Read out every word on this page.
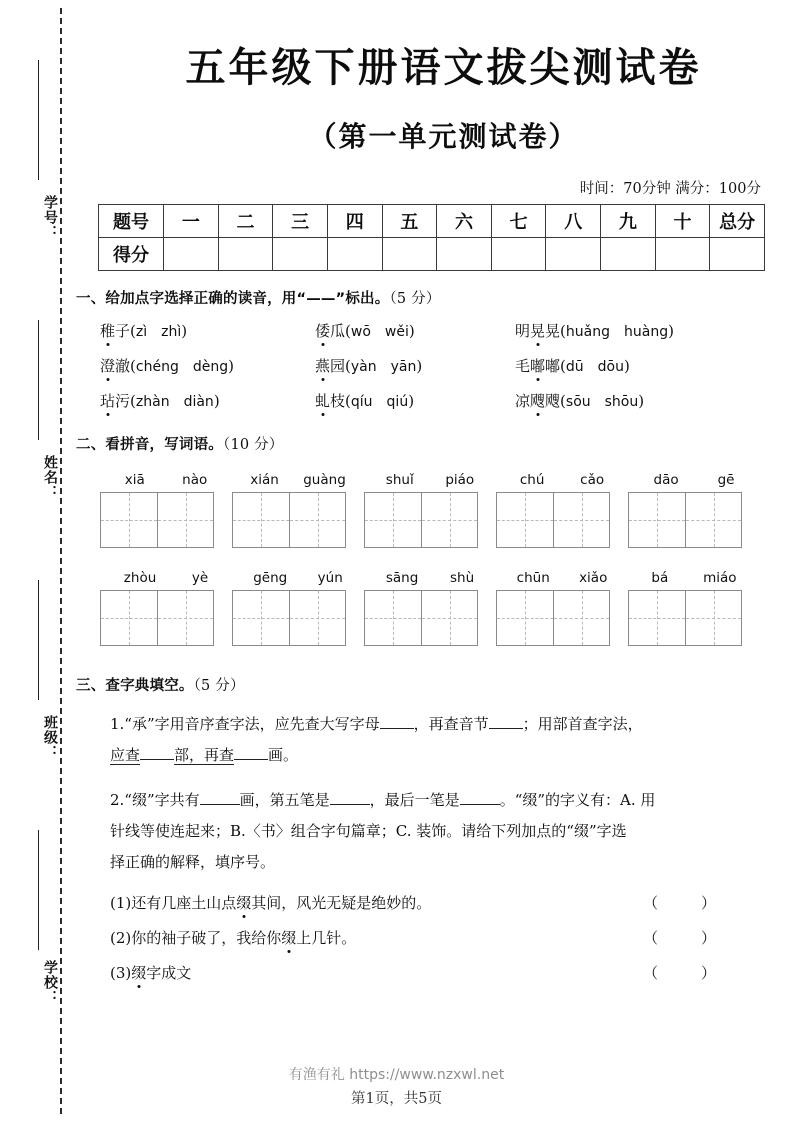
学号：
姓名：
班级：
学校：
五年级下册语文拔尖测试卷
（第一单元测试卷）
时间：70分钟 满分：100分
题号	一	二	三	四	五	六	七	八	九	十	总分
得分											
一、给加点字选择正确的读音，用“——”标出。（5 分）
稚子(zì zhì)	倭瓜(wō wěi)	明晃晃(huǎng huàng)
澄澈(chéng dèng)	燕园(yàn yān)	毛嘟嘟(dū dōu)
玷污(zhàn diàn)	虬枝(qíu qiú)	凉飕飕(sōu shōu)
二、看拼音，写词语。（10 分）
xiā	nào	xián guàng	shuǐ piáo	chú	cǎo	dāo	gē
zhòu	yè	gēng yún	sāng shù	chūn xiǎo	bá	miáo
三、查字典填空。（5 分）
1.“承”字用音序查字法，应先查大写字母 ，再查音节 ；用部首查字法，
应查 部，再查 画。
2.“缀”字共有	画，第五笔是	，最后一笔是	。“缀”的字义有：A. 用
针线等使连起来；B.〈书〉组合字句篇章；C. 装饰。请给下列加点的“缀”字选
择正确的解释，填序号。
(1)还有几座土山点缀其间，风光无疑是绝妙的。	（　）
(2)你的袖子破了，我给你缀上几针。	（　）
(3)缀字成文	（　）
有渔有礼 https://www.nzxwl.net
第1页，共5页
